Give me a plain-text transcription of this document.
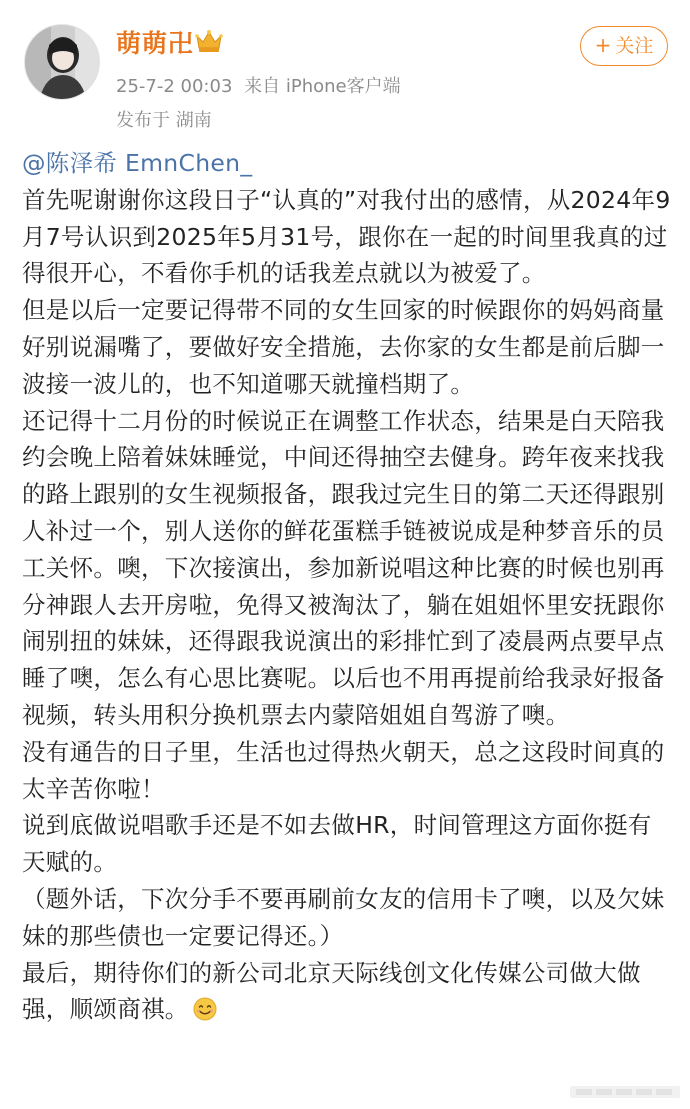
萌萌卍
25-7-2 00:03 来自 iPhone客户端
发布于 湖南
+ 关注
@陈泽希 EmnChen_
首先呢谢谢你这段日子“认真的”对我付出的感情，从2024年9月7号认识到2025年5月31号，跟你在一起的时间里我真的过得很开心，不看你手机的话我差点就以为被爱了。
但是以后一定要记得带不同的女生回家的时候跟你的妈妈商量好别说漏嘴了，要做好安全措施，去你家的女生都是前后脚一波接一波儿的，也不知道哪天就撞档期了。
还记得十二月份的时候说正在调整工作状态，结果是白天陪我约会晚上陪着妹妹睡觉，中间还得抽空去健身。跨年夜来找我的路上跟别的女生视频报备，跟我过完生日的第二天还得跟别人补过一个，别人送你的鲜花蛋糕手链被说成是种梦音乐的员工关怀。噢，下次接演出，参加新说唱这种比赛的时候也别再分神跟人去开房啦，免得又被淘汰了，躺在姐姐怀里安抚跟你闹别扭的妹妹，还得跟我说演出的彩排忙到了凌晨两点要早点睡了噢，怎么有心思比赛呢。以后也不用再提前给我录好报备视频，转头用积分换机票去内蒙陪姐姐自驾游了噢。
没有通告的日子里，生活也过得热火朝天，总之这段时间真的太辛苦你啦！
说到底做说唱歌手还是不如去做HR，时间管理这方面你挺有天赋的。
（题外话，下次分手不要再刷前女友的信用卡了噢，以及欠妹妹的那些债也一定要记得还。）
最后，期待你们的新公司北京天际线创文化传媒公司做大做强，顺颂商祺。
